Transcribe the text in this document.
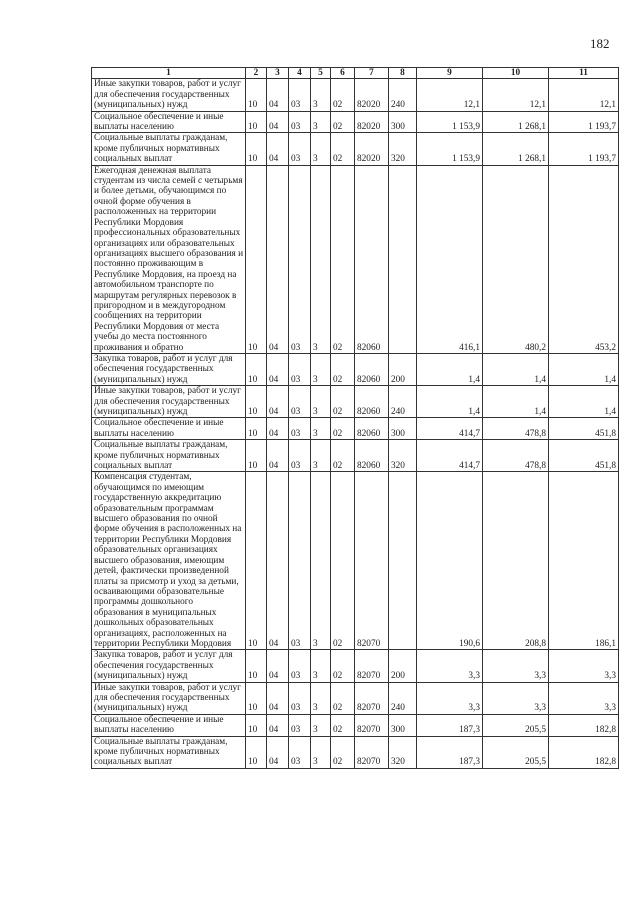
182
1	2	3	4	5	6	7	8	9	10	11
Иные закупки товаров, работ и услуг для обеспечения государственных (муниципальных) нужд	10	04	03	3	02	82020	240	12,1	12,1	12,1
Социальное обеспечение и иные выплаты населению	10	04	03	3	02	82020	300	1 153,9	1 268,1	1 193,7
Социальные выплаты гражданам, кроме публичных нормативных социальных выплат	10	04	03	3	02	82020	320	1 153,9	1 268,1	1 193,7
Ежегодная денежная выплата студентам из числа семей с четырьмя и более детьми, обучающимся по очной форме обучения в расположенных на территории Республики Мордовия профессиональных образовательных организациях или образовательных организациях высшего образования и постоянно проживающим в Республике Мордовия, на проезд на автомобильном транспорте по маршрутам регулярных перевозок в пригородном и в междугородном сообщениях на территории Республики Мордовия от места учебы до места постоянного проживания и обратно	10	04	03	3	02	82060		416,1	480,2	453,2
Закупка товаров, работ и услуг для обеспечения государственных (муниципальных) нужд	10	04	03	3	02	82060	200	1,4	1,4	1,4
Иные закупки товаров, работ и услуг для обеспечения государственных (муниципальных) нужд	10	04	03	3	02	82060	240	1,4	1,4	1,4
Социальное обеспечение и иные выплаты населению	10	04	03	3	02	82060	300	414,7	478,8	451,8
Социальные выплаты гражданам, кроме публичных нормативных социальных выплат	10	04	03	3	02	82060	320	414,7	478,8	451,8
Компенсация студентам, обучающимся по имеющим государственную аккредитацию образовательным программам высшего образования по очной форме обучения в расположенных на территории Республики Мордовия образовательных организациях высшего образования, имеющим детей, фактически произведенной платы за присмотр и уход за детьми, осваивающими образовательные программы дошкольного образования в муниципальных дошкольных образовательных организациях, расположенных на территории Республики Мордовия	10	04	03	3	02	82070		190,6	208,8	186,1
Закупка товаров, работ и услуг для обеспечения государственных (муниципальных) нужд	10	04	03	3	02	82070	200	3,3	3,3	3,3
Иные закупки товаров, работ и услуг для обеспечения государственных (муниципальных) нужд	10	04	03	3	02	82070	240	3,3	3,3	3,3
Социальное обеспечение и иные выплаты населению	10	04	03	3	02	82070	300	187,3	205,5	182,8
Социальные выплаты гражданам, кроме публичных нормативных социальных выплат	10	04	03	3	02	82070	320	187,3	205,5	182,8
